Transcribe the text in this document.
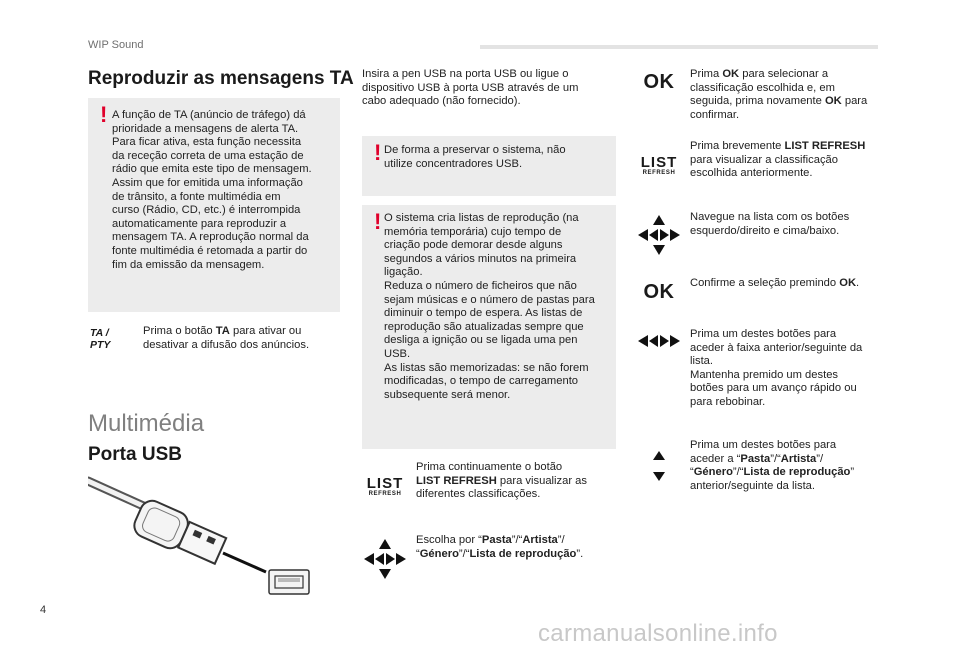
WIP Sound
Reproduzir as mensagens TA
! A função de TA (anúncio de tráfego) dá
prioridade a mensagens de alerta TA.
Para ficar ativa, esta função necessita
da receção correta de uma estação de
rádio que emita este tipo de mensagem.
Assim que for emitida uma informação
de trânsito, a fonte multimédia em
curso (Rádio, CD, etc.) é interrompida
automaticamente para reproduzir a
mensagem TA. A reprodução normal da
fonte multimédia é retomada a partir do
fim da emissão da mensagem.
TA / PTY
Prima o botão TA para ativar ou
desativar a difusão dos anúncios.
Multimédia
Porta USB
Insira a pen USB na porta USB ou ligue o
dispositivo USB à porta USB através de um
cabo adequado (não fornecido).
! De forma a preservar o sistema, não
utilize concentradores USB.
! O sistema cria listas de reprodução (na
memória temporária) cujo tempo de
criação pode demorar desde alguns
segundos a vários minutos na primeira
ligação.
Reduza o número de ficheiros que não
sejam músicas e o número de pastas para
diminuir o tempo de espera. As listas de
reprodução são atualizadas sempre que
desliga a ignição ou se ligada uma pen
USB.
As listas são memorizadas: se não forem
modificadas, o tempo de carregamento
subsequente será menor.
LIST
REFRESH
Prima continuamente o botão
LIST REFRESH para visualizar as
diferentes classificações.
Escolha por “Pasta”/“Artista”/
“Género”/“Lista de reprodução”.
OK	Prima OK para selecionar a
classificação escolhida e, em
seguida, prima novamente OK para
confirmar.
LIST
REFRESH
Prima brevemente LIST REFRESH
para visualizar a classificação
escolhida anteriormente.
Navegue na lista com os botões
esquerdo/direito e cima/baixo.
OK	Confirme a seleção premindo OK.
Prima um destes botões para
aceder à faixa anterior/seguinte da
lista.
Mantenha premido um destes
botões para um avanço rápido ou
para rebobinar.
Prima um destes botões para
aceder a “Pasta”/“Artista”/
“Género”/“Lista de reprodução”
anterior/seguinte da lista.
4
carmanualsonline.info
